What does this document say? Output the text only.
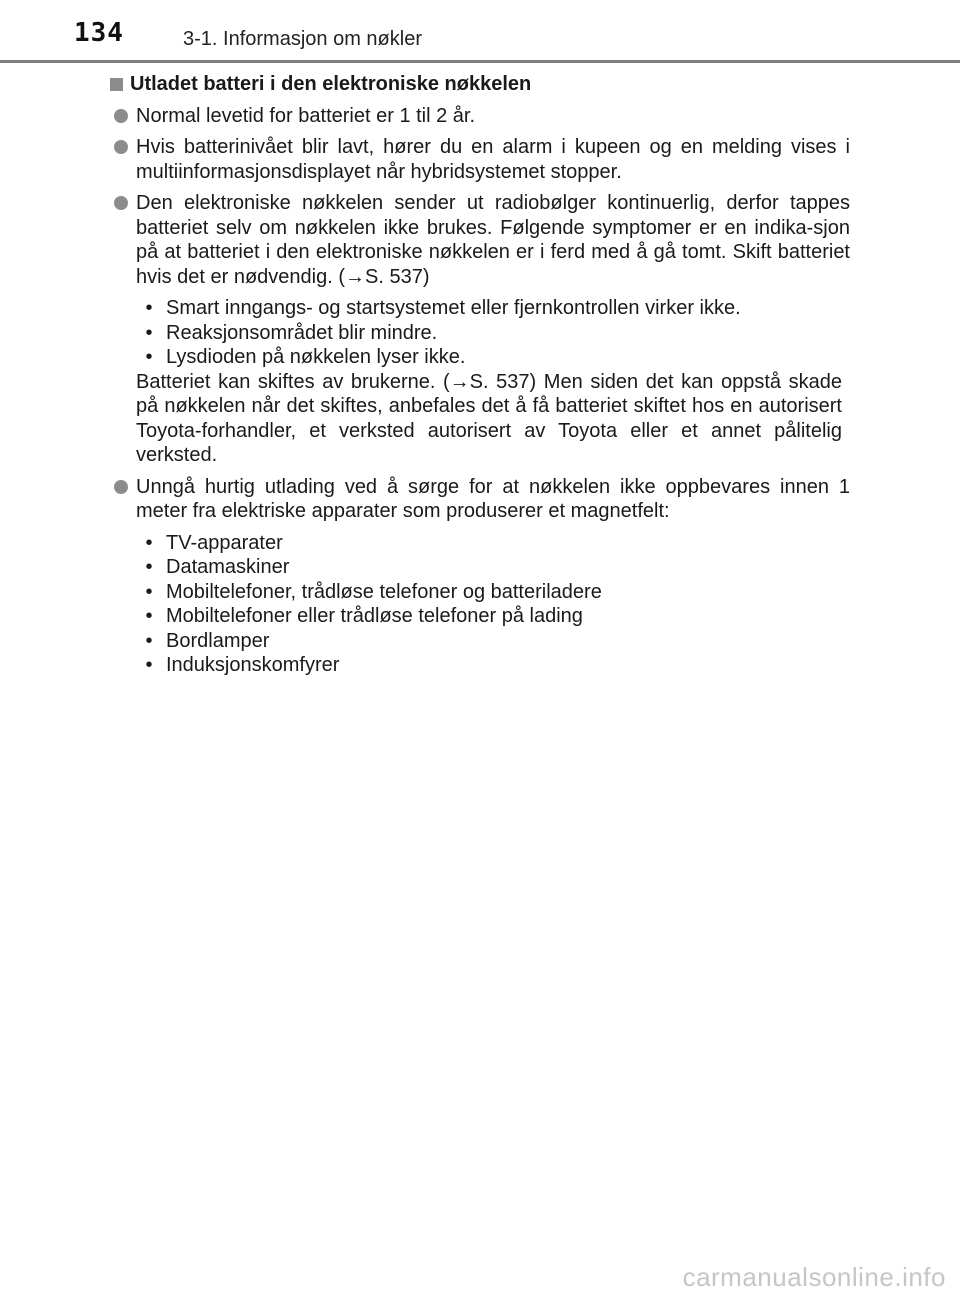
134	3-1. Informasjon om nøkler
Utladet batteri i den elektroniske nøkkelen
Normal levetid for batteriet er 1 til 2 år.
Hvis batterinivået blir lavt, hører du en alarm i kupeen og en melding vises i multiinformasjonsdisplayet når hybridsystemet stopper.
Den elektroniske nøkkelen sender ut radiobølger kontinuerlig, derfor tappes batteriet selv om nøkkelen ikke brukes. Følgende symptomer er en indika-sjon på at batteriet i den elektroniske nøkkelen er i ferd med å gå tomt. Skift batteriet hvis det er nødvendig. (→S. 537)
• Smart inngangs- og startsystemet eller fjernkontrollen virker ikke.
• Reaksjonsområdet blir mindre.
• Lysdioden på nøkkelen lyser ikke.
Batteriet kan skiftes av brukerne. (→S. 537) Men siden det kan oppstå skade på nøkkelen når det skiftes, anbefales det å få batteriet skiftet hos en autorisert Toyota-forhandler, et verksted autorisert av Toyota eller et annet pålitelig verksted.
Unngå hurtig utlading ved å sørge for at nøkkelen ikke oppbevares innen 1 meter fra elektriske apparater som produserer et magnetfelt:
• TV-apparater
• Datamaskiner
• Mobiltelefoner, trådløse telefoner og batteriladere
• Mobiltelefoner eller trådløse telefoner på lading
• Bordlamper
• Induksjonskomfyrer
carmanualsonline.info
